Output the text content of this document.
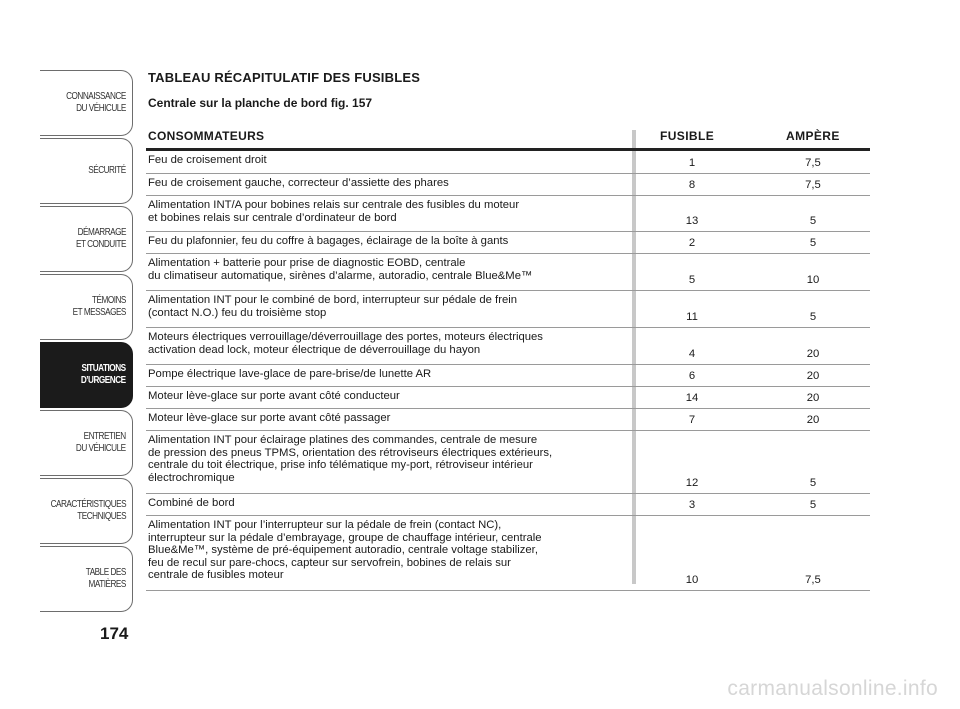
CONNAISSANCE
DU VÉHICULE
SÉCURITÉ
DÉMARRAGE
ET CONDUITE
TÉMOINS
ET MESSAGES
SITUATIONS
D’URGENCE
ENTRETIEN
DU VÉHICULE
CARACTÉRISTIQUES
TECHNIQUES
TABLE DES
MATIÈRES
174
TABLEAU RÉCAPITULATIF DES FUSIBLES
Centrale sur la planche de bord fig. 157
CONSOMMATEURS	FUSIBLE	AMPÈRE
Feu de croisement droit	1	7,5
Feu de croisement gauche, correcteur d’assiette des phares	8	7,5
Alimentation INT/A pour bobines relais sur centrale des fusibles du moteur
et bobines relais sur centrale d’ordinateur de bord	13	5
Feu du plafonnier, feu du coffre à bagages, éclairage de la boîte à gants	2	5
Alimentation + batterie pour prise de diagnostic EOBD, centrale
du climatiseur automatique, sirènes d’alarme, autoradio, centrale Blue&Me™	5	10
Alimentation INT pour le combiné de bord, interrupteur sur pédale de frein
(contact N.O.) feu du troisième stop	11	5
Moteurs électriques verrouillage/déverrouillage des portes, moteurs électriques
activation dead lock, moteur électrique de déverrouillage du hayon	4	20
Pompe électrique lave-glace de pare-brise/de lunette AR	6	20
Moteur lève-glace sur porte avant côté conducteur	14	20
Moteur lève-glace sur porte avant côté passager	7	20
Alimentation INT pour éclairage platines des commandes, centrale de mesure
de pression des pneus TPMS, orientation des rétroviseurs électriques extérieurs,
centrale du toit électrique, prise info télématique my-port, rétroviseur intérieur
électrochromique	12	5
Combiné de bord	3	5
Alimentation INT pour l’interrupteur sur la pédale de frein (contact NC),
interrupteur sur la pédale d’embrayage, groupe de chauffage intérieur, centrale
Blue&Me™, système de pré-équipement autoradio, centrale voltage stabilizer,
feu de recul sur pare-chocs, capteur sur servofrein, bobines de relais sur
centrale de fusibles moteur	10	7,5
carmanualsonline.info
